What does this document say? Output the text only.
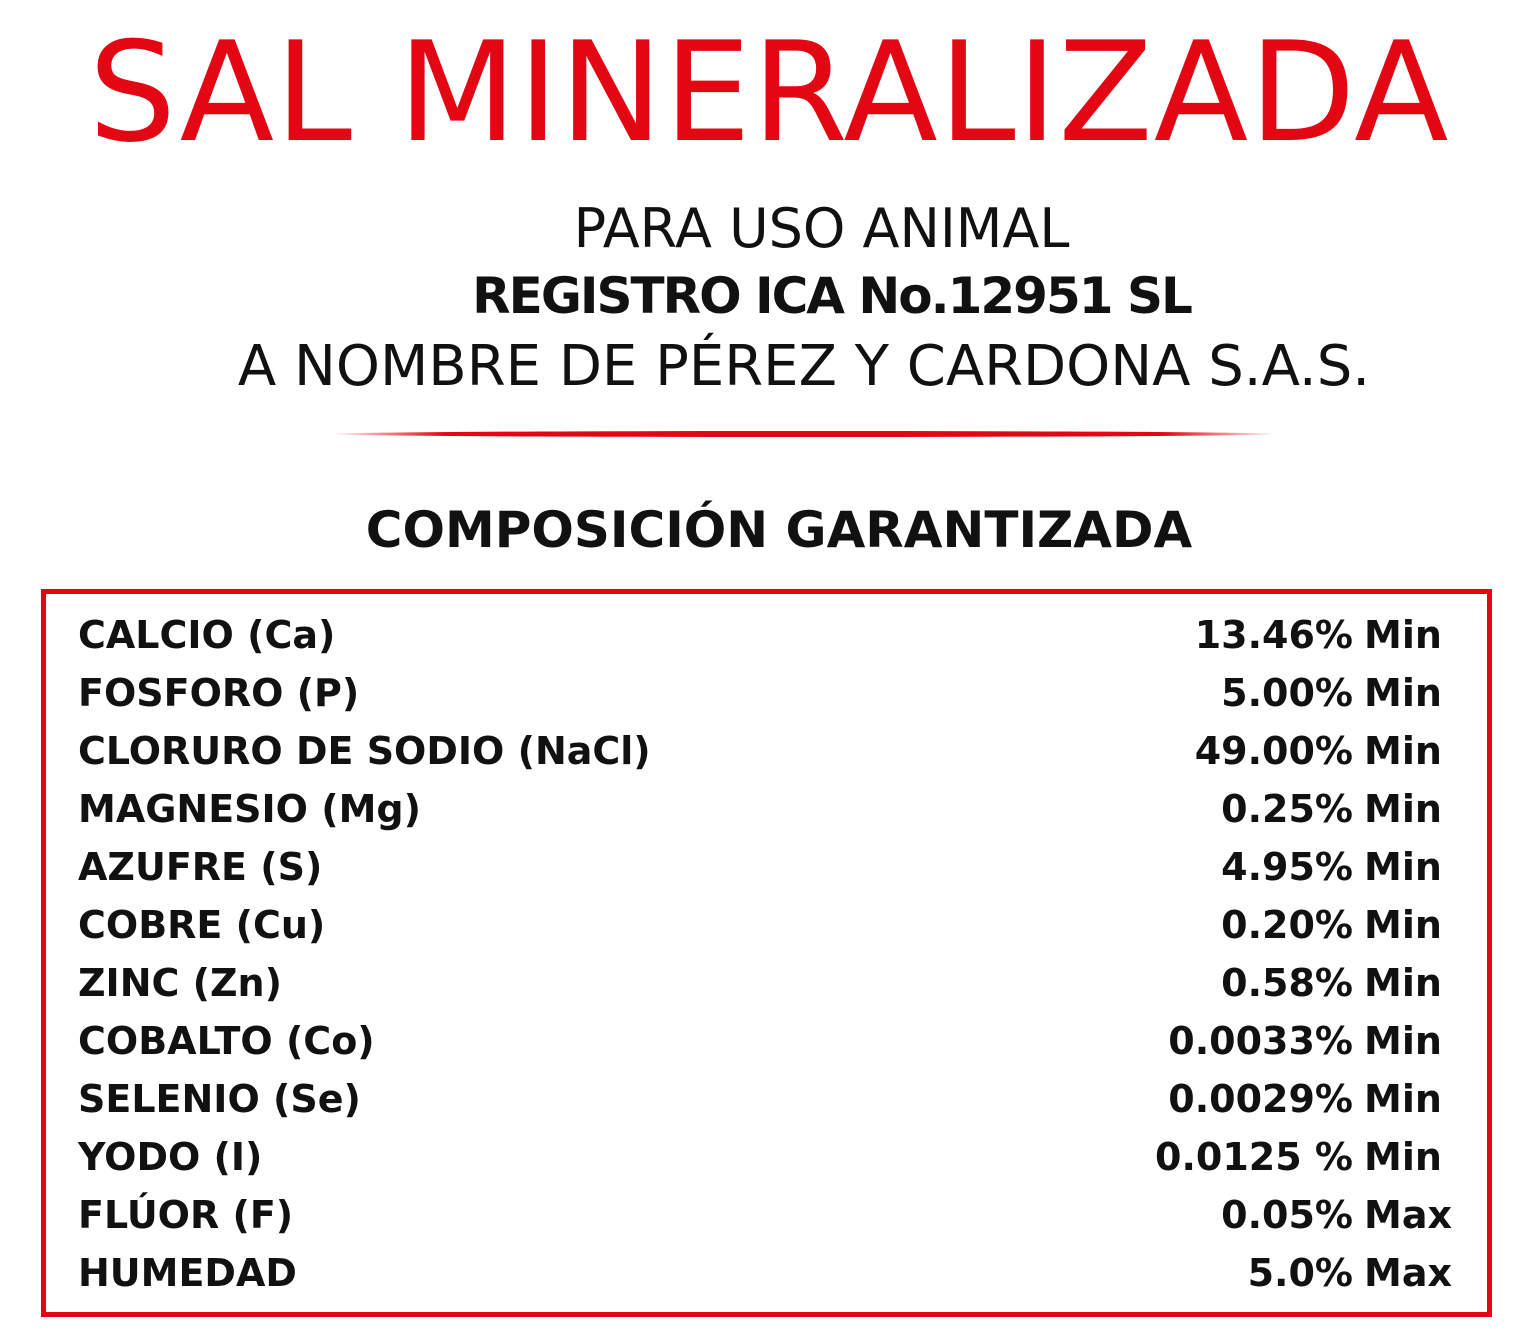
SAL MINERALIZADA
PARA USO ANIMAL
REGISTRO ICA No.12951 SL
A NOMBRE DE PÉREZ Y CARDONA S.A.S.
COMPOSICIÓN GARANTIZADA
CALCIO (Ca)	13.46% Min
FOSFORO (P)	5.00% Min
CLORURO DE SODIO (NaCl)	49.00% Min
MAGNESIO (Mg)	0.25% Min
AZUFRE (S)	4.95% Min
COBRE (Cu)	0.20% Min
ZINC (Zn)	0.58% Min
COBALTO (Co)	0.0033% Min
SELENIO (Se)	0.0029% Min
YODO (I)	0.0125 % Min
FLÚOR (F)	0.05% Max
HUMEDAD	5.0% Max
